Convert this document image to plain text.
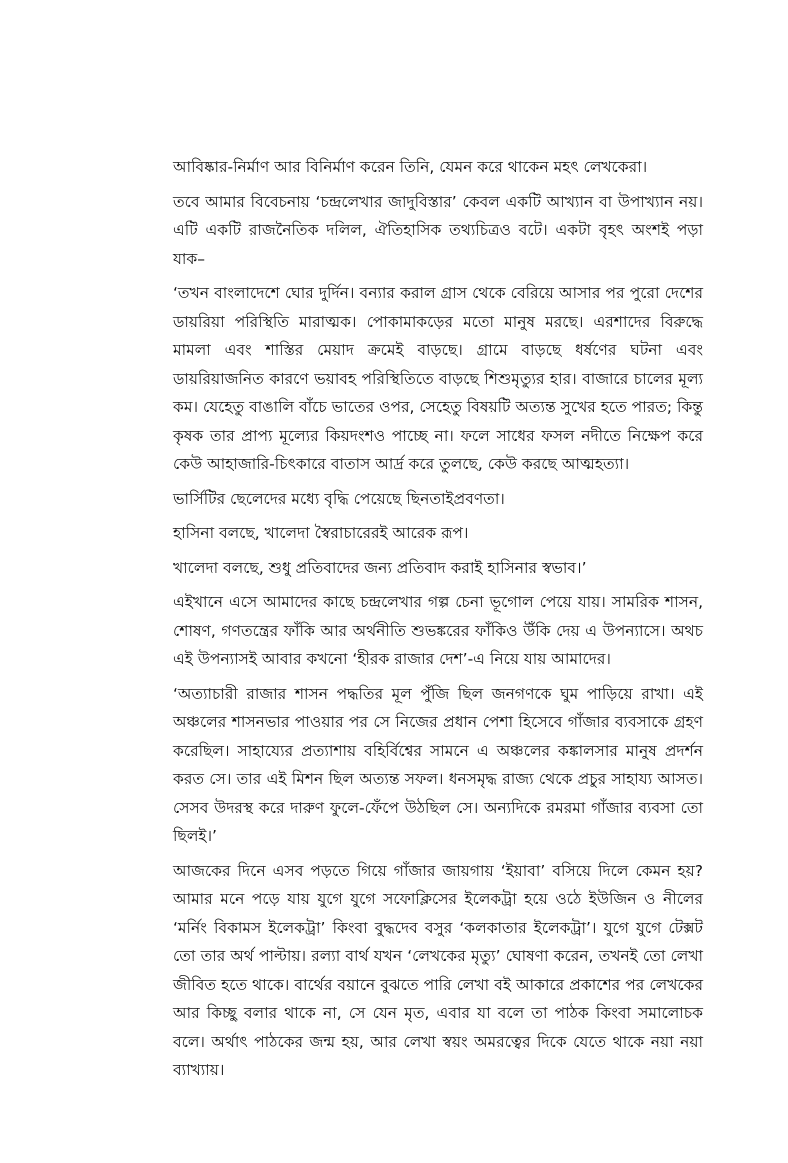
আবিষ্কার-নির্মাণ আর বিনির্মাণ করেন তিনি, যেমন করে থাকেন মহৎ লেখকেরা।

তবে আমার বিবেচনায় ‘চন্দ্রলেখার জাদুবিস্তার’ কেবল একটি আখ্যান বা উপাখ্যান নয়। এটি একটি রাজনৈতিক দলিল, ঐতিহাসিক তথ্যচিত্রও বটে। একটা বৃহৎ অংশই পড়া যাক–

‘তখন বাংলাদেশে ঘোর দুর্দিন। বন্যার করাল গ্রাস থেকে বেরিয়ে আসার পর পুরো দেশের ডায়রিয়া পরিস্থিতি মারাত্মক। পোকামাকড়ের মতো মানুষ মরছে। এরশাদের বিরুদ্ধে মামলা এবং শাস্তির মেয়াদ ক্রমেই বাড়ছে। গ্রামে বাড়ছে ধর্ষণের ঘটনা এবং ডায়রিয়াজনিত কারণে ভয়াবহ পরিস্থিতিতে বাড়ছে শিশুমৃত্যুর হার। বাজারে চালের মূল্য কম। যেহেতু বাঙালি বাঁচে ভাতের ওপর, সেহেতু বিষয়টি অত্যন্ত সুখের হতে পারত; কিন্তু কৃষক তার প্রাপ্য মূল্যের কিয়দংশও পাচ্ছে না। ফলে সাধের ফসল নদীতে নিক্ষেপ করে কেউ আহাজারি-চিৎকারে বাতাস আর্দ্র করে তুলছে, কেউ করছে আত্মহত্যা।

ভার্সিটির ছেলেদের মধ্যে বৃদ্ধি পেয়েছে ছিনতাইপ্রবণতা।

হাসিনা বলছে, খালেদা স্বৈরাচারেরই আরেক রূপ।

খালেদা বলছে, শুধু প্রতিবাদের জন্য প্রতিবাদ করাই হাসিনার স্বভাব।’

এইখানে এসে আমাদের কাছে চন্দ্রলেখার গল্প চেনা ভূগোল পেয়ে যায়। সামরিক শাসন, শোষণ, গণতন্ত্রের ফাঁকি আর অর্থনীতি শুভঙ্করের ফাঁকিও উঁকি দেয় এ উপন্যাসে। অথচ এই উপন্যাসই আবার কখনো ‘হীরক রাজার দেশ’-এ নিয়ে যায় আমাদের।

‘অত্যাচারী রাজার শাসন পদ্ধতির মূল পুঁজি ছিল জনগণকে ঘুম পাড়িয়ে রাখা। এই অঞ্চলের শাসনভার পাওয়ার পর সে নিজের প্রধান পেশা হিসেবে গাঁজার ব্যবসাকে গ্রহণ করেছিল। সাহায্যের প্রত্যাশায় বহির্বিশ্বের সামনে এ অঞ্চলের কঙ্কালসার মানুষ প্রদর্শন করত সে। তার এই মিশন ছিল অত্যন্ত সফল। ধনসমৃদ্ধ রাজ্য থেকে প্রচুর সাহায্য আসত। সেসব উদরস্থ করে দারুণ ফুলে-ফেঁপে উঠছিল সে। অন্যদিকে রমরমা গাঁজার ব্যবসা তো ছিলই।’

আজকের দিনে এসব পড়তে গিয়ে গাঁজার জায়গায় ‘ইয়াবা’ বসিয়ে দিলে কেমন হয়? আমার মনে পড়ে যায় যুগে যুগে সফোক্লিসের ইলেকট্রা হয়ে ওঠে ইউজিন ও নীলের ‘মর্নিং বিকামস ইলেকট্রা’ কিংবা বুদ্ধদেব বসুর ‘কলকাতার ইলেকট্রা’। যুগে যুগে টেক্সট তো তার অর্থ পাল্টায়। রল্যা বার্থ যখন ‘লেখকের মৃত্যু’ ঘোষণা করেন, তখনই তো লেখা জীবিত হতে থাকে। বার্থের বয়ানে বুঝতে পারি লেখা বই আকারে প্রকাশের পর লেখকের আর কিচ্ছু বলার থাকে না, সে যেন মৃত, এবার যা বলে তা পাঠক কিংবা সমালোচক বলে। অর্থাৎ পাঠকের জন্ম হয়, আর লেখা স্বয়ং অমরত্বের দিকে যেতে থাকে নয়া নয়া ব্যাখ্যায়।
